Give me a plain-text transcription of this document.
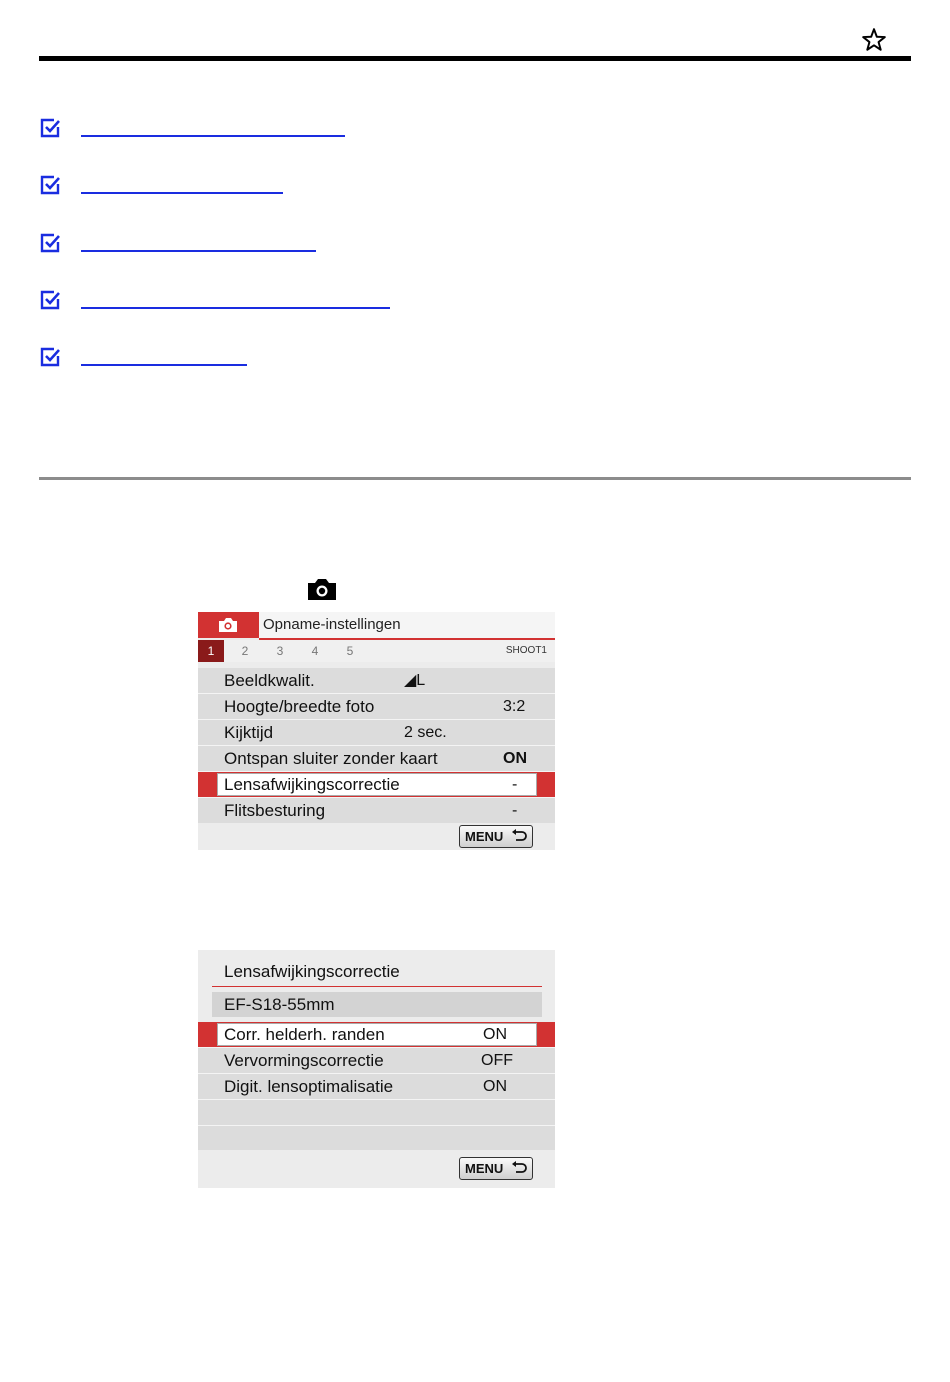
Opname-instellingen
1	2	3	4	5	SHOOT1
Beeldkwalit.	◢L
Hoogte/breedte foto	3:2
Kijktijd	2 sec.
Ontspan sluiter zonder kaart	ON
Lensafwijkingscorrectie	-
Flitsbesturing	-
MENU
Lensafwijkingscorrectie
EF-S18-55mm
Corr. helderh. randen	ON
Vervormingscorrectie	OFF
Digit. lensoptimalisatie	ON
MENU
